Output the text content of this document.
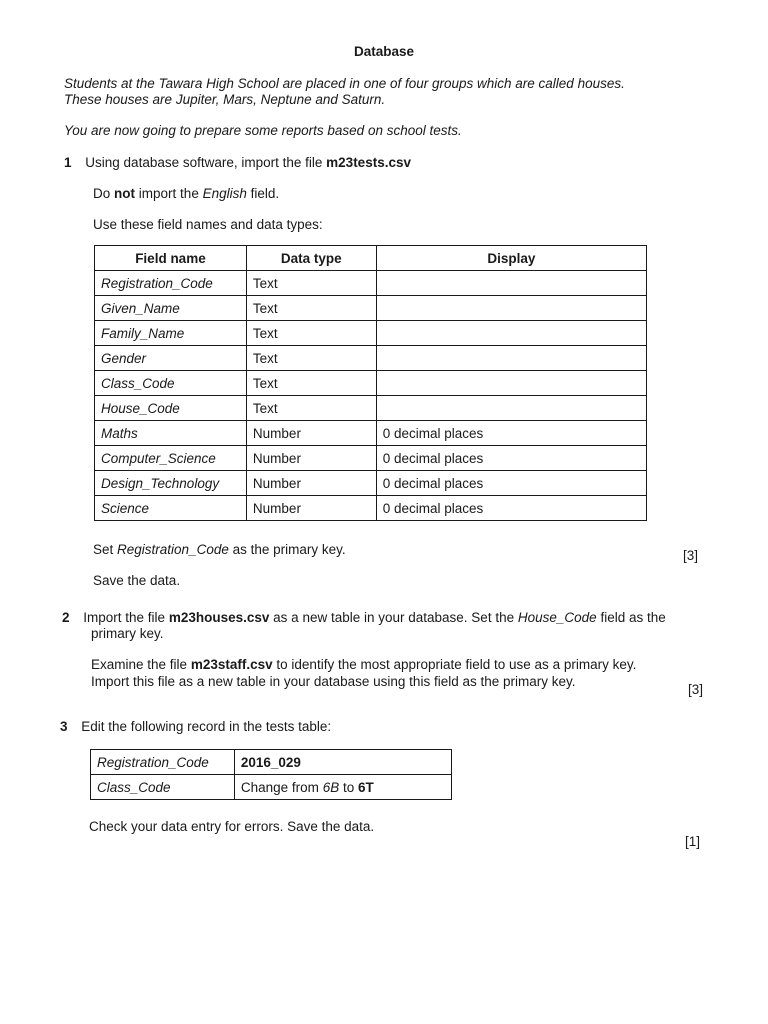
Database
Students at the Tawara High School are placed in one of four groups which are called houses.
These houses are Jupiter, Mars, Neptune and Saturn.
You are now going to prepare some reports based on school tests.
1 Using database software, import the file m23tests.csv
Do not import the English field.
Use these field names and data types:
Field name	Data type	Display
Registration_Code	Text	
Given_Name	Text	
Family_Name	Text	
Gender	Text	
Class_Code	Text	
House_Code	Text	
Maths	Number	0 decimal places
Computer_Science	Number	0 decimal places
Design_Technology	Number	0 decimal places
Science	Number	0 decimal places
Set Registration_Code as the primary key.	[3]
Save the data.
2 Import the file m23houses.csv as a new table in your database. Set the House_Code field as the
primary key.
Examine the file m23staff.csv to identify the most appropriate field to use as a primary key.
Import this file as a new table in your database using this field as the primary key.
[3]
3 Edit the following record in the tests table:
Registration_Code	2016_029
Class_Code	Change from 6B to 6T
Check your data entry for errors. Save the data.
[1]
